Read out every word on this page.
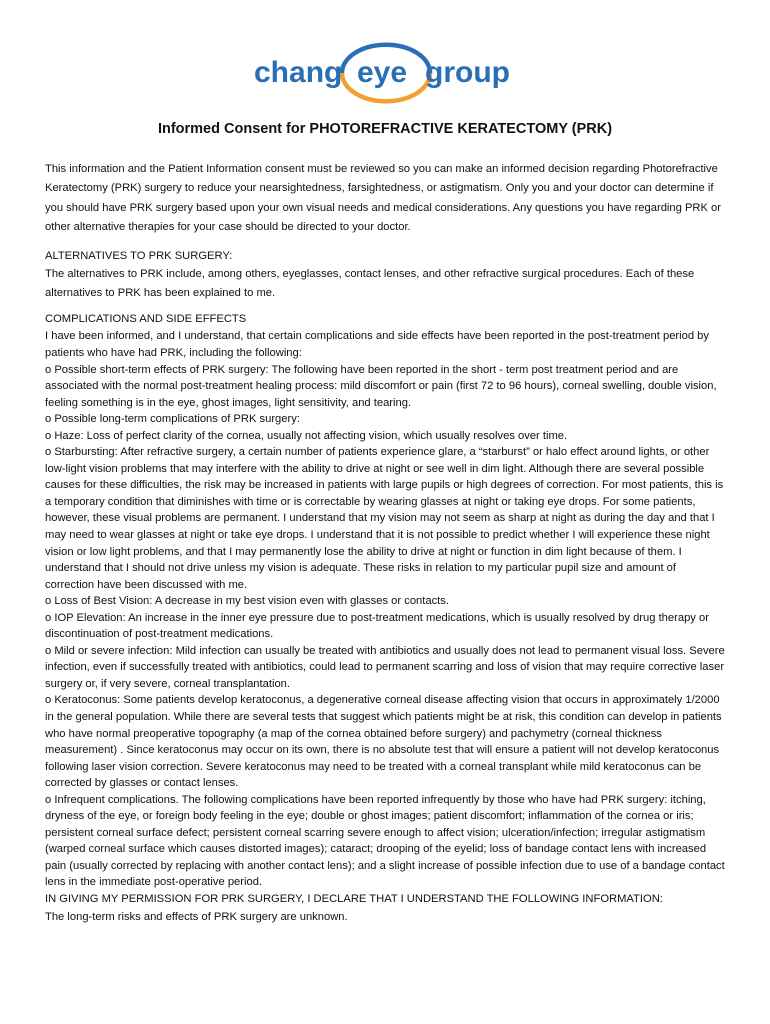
chang eye group
Informed Consent for PHOTOREFRACTIVE KERATECTOMY (PRK)

This information and the Patient Information consent must be reviewed so you can make an informed decision regarding Photorefractive Keratectomy (PRK) surgery to reduce your nearsightedness, farsightedness, or astigmatism. Only you and your doctor can determine if you should have PRK surgery based upon your own visual needs and medical considerations. Any questions you have regarding PRK or other alternative therapies for your case should be directed to your doctor.

ALTERNATIVES TO PRK SURGERY:

The alternatives to PRK include, among others, eyeglasses, contact lenses, and other refractive surgical procedures. Each of these alternatives to PRK has been explained to me.

COMPLICATIONS AND SIDE EFFECTS

I have been informed, and I understand, that certain complications and side effects have been reported in the post-treatment period by patients who have had PRK, including the following:

o Possible short-term effects of PRK surgery: The following have been reported in the short - term post treatment period and are associated with the normal post-treatment healing process: mild discomfort or pain (first 72 to 96 hours), corneal swelling, double vision, feeling something is in the eye, ghost images, light sensitivity, and tearing.

o Possible long-term complications of PRK surgery:

o Haze: Loss of perfect clarity of the cornea, usually not affecting vision, which usually resolves over time.

o Starbursting: After refractive surgery, a certain number of patients experience glare, a “starburst” or halo effect around lights, or other low-light vision problems that may interfere with the ability to drive at night or see well in dim light. Although there are several possible causes for these difficulties, the risk may be increased in patients with large pupils or high degrees of correction. For most patients, this is a temporary condition that diminishes with time or is correctable by wearing glasses at night or taking eye drops. For some patients, however, these visual problems are permanent. I understand that my vision may not seem as sharp at night as during the day and that I may need to wear glasses at night or take eye drops. I understand that it is not possible to predict whether I will experience these night vision or low light problems, and that I may permanently lose the ability to drive at night or function in dim light because of them. I understand that I should not drive unless my vision is adequate. These risks in relation to my particular pupil size and amount of correction have been discussed with me.

o Loss of Best Vision: A decrease in my best vision even with glasses or contacts.

o IOP Elevation: An increase in the inner eye pressure due to post-treatment medications, which is usually resolved by drug therapy or discontinuation of post-treatment medications.

o Mild or severe infection: Mild infection can usually be treated with antibiotics and usually does not lead to permanent visual loss. Severe infection, even if successfully treated with antibiotics, could lead to permanent scarring and loss of vision that may require corrective laser surgery or, if very severe, corneal transplantation.

o Keratoconus: Some patients develop keratoconus, a degenerative corneal disease affecting vision that occurs in approximately 1/2000 in the general population. While there are several tests that suggest which patients might be at risk, this condition can develop in patients who have normal preoperative topography (a map of the cornea obtained before surgery) and pachymetry (corneal thickness measurement) . Since keratoconus may occur on its own, there is no absolute test that will ensure a patient will not develop keratoconus following laser vision correction. Severe keratoconus may need to be treated with a corneal transplant while mild keratoconus can be corrected by glasses or contact lenses.

o Infrequent complications. The following complications have been reported infrequently by those who have had PRK surgery: itching, dryness of the eye, or foreign body feeling in the eye; double or ghost images; patient discomfort; inflammation of the cornea or iris; persistent corneal surface defect; persistent corneal scarring severe enough to affect vision; ulceration/infection; irregular astigmatism (warped corneal surface which causes distorted images); cataract; drooping of the eyelid; loss of bandage contact lens with increased pain (usually corrected by replacing with another contact lens); and a slight increase of possible infection due to use of a bandage contact lens in the immediate post-operative period.

IN GIVING MY PERMISSION FOR PRK SURGERY, I DECLARE THAT I UNDERSTAND THE FOLLOWING INFORMATION:

The long-term risks and effects of PRK surgery are unknown.
